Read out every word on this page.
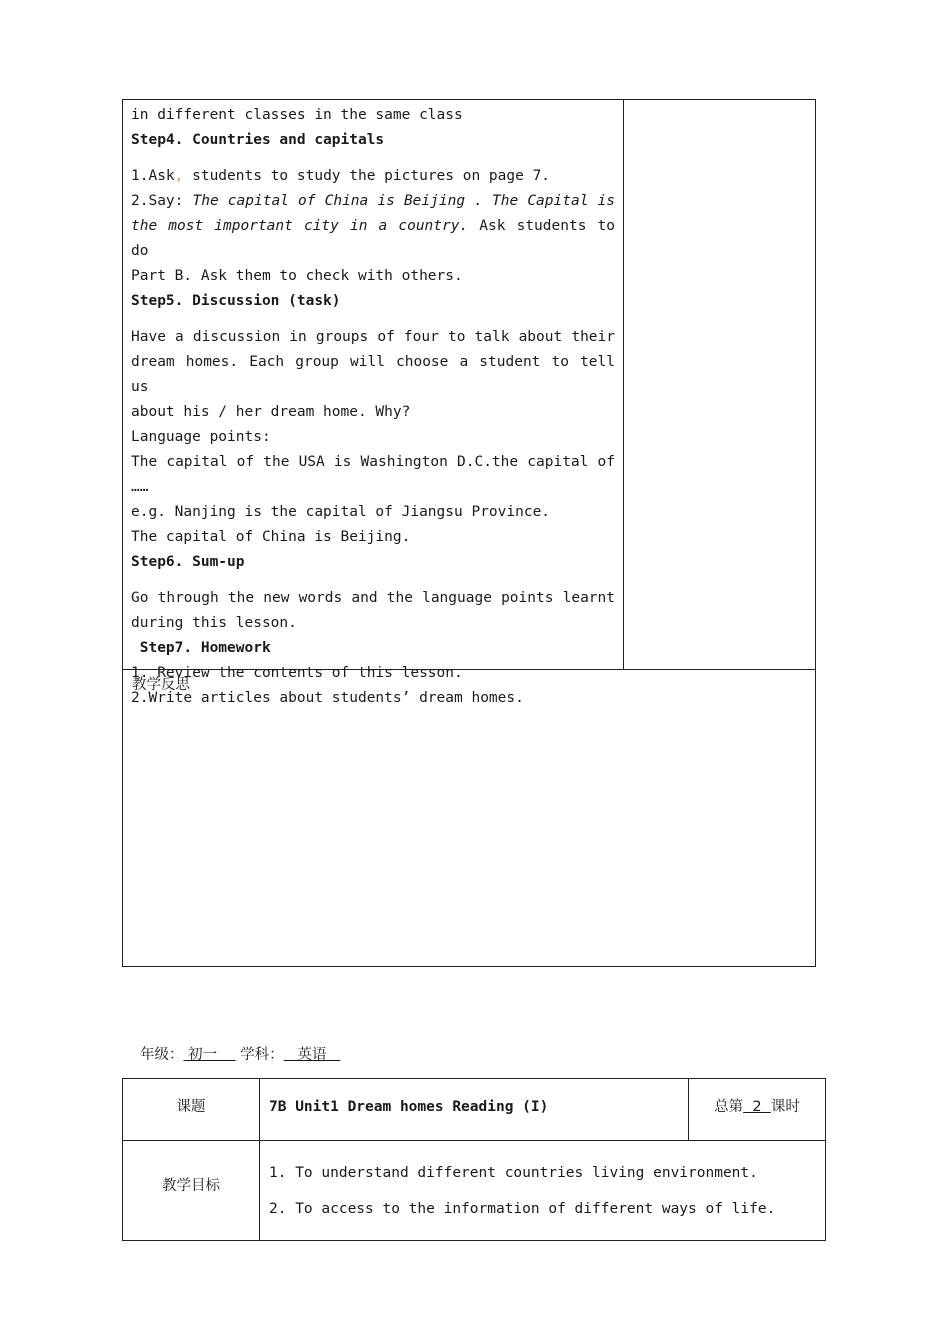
in different classes in the same class
Step4. Countries and capitals
1.Ask, students to study the pictures on page 7.
2.Say: The capital of China is Beijing . The Capital is
the most important city in a country. Ask students to do
Part B. Ask them to check with others.
Step5. Discussion (task)
Have a discussion in groups of four to talk about their
dream homes. Each group will choose a student to tell us
about his / her dream home. Why?
Language points:
The capital of the USA is Washington D.C.the capital of
……
e.g. Nanjing is the capital of Jiangsu Province.
The capital of China is Beijing.
Step6. Sum-up
Go through the new words and the language points learnt
during this lesson.
Step7. Homework
1. Review the contents of this lesson.
2.Write articles about students’ dream homes.
教学反思
年级： 初一     学科：   英语
课题	7B Unit1 Dream homes Reading (I)	总第  2  课时
教学目标
1. To understand different countries living environment.
2. To access to the information of different ways of life.
